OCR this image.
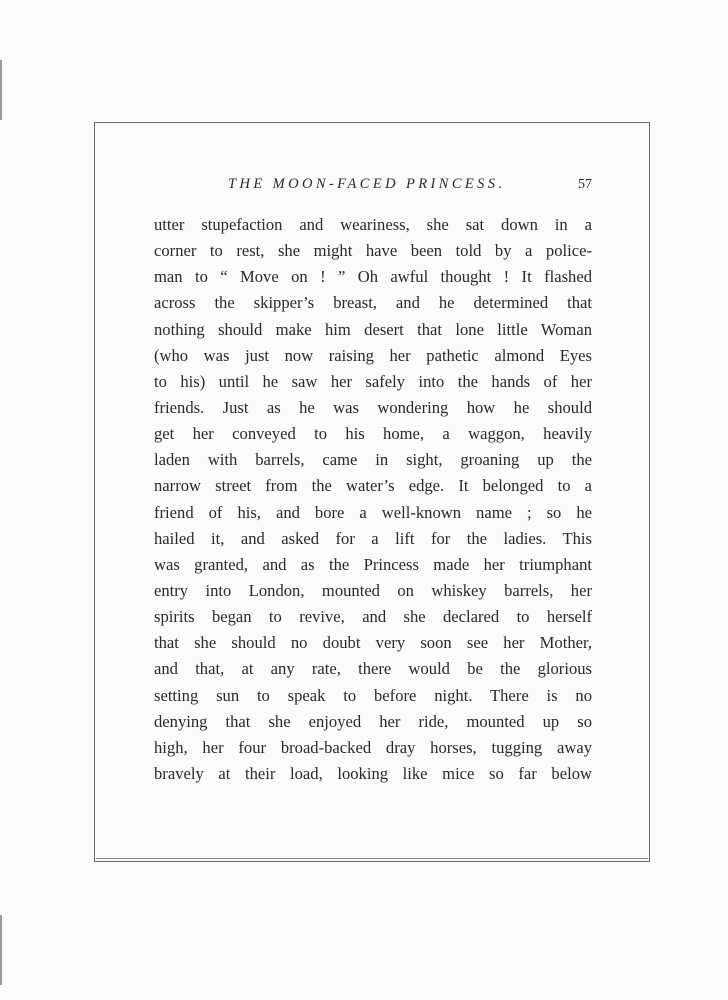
THE MOON-FACED PRINCESS.	57
utter stupefaction and weariness, she sat down in a
corner to rest, she might have been told by a police-
man to “ Move on ! ” Oh awful thought ! It flashed
across the skipper’s breast, and he determined that
nothing should make him desert that lone little Woman
(who was just now raising her pathetic almond Eyes
to his) until he saw her safely into the hands of her
friends. Just as he was wondering how he should
get her conveyed to his home, a waggon, heavily
laden with barrels, came in sight, groaning up the
narrow street from the water’s edge. It belonged to a
friend of his, and bore a well-known name ; so he
hailed it, and asked for a lift for the ladies. This
was granted, and as the Princess made her triumphant
entry into London, mounted on whiskey barrels, her
spirits began to revive, and she declared to herself
that she should no doubt very soon see her Mother,
and that, at any rate, there would be the glorious
setting sun to speak to before night. There is no
denying that she enjoyed her ride, mounted up so
high, her four broad-backed dray horses, tugging away
bravely at their load, looking like mice so far below
